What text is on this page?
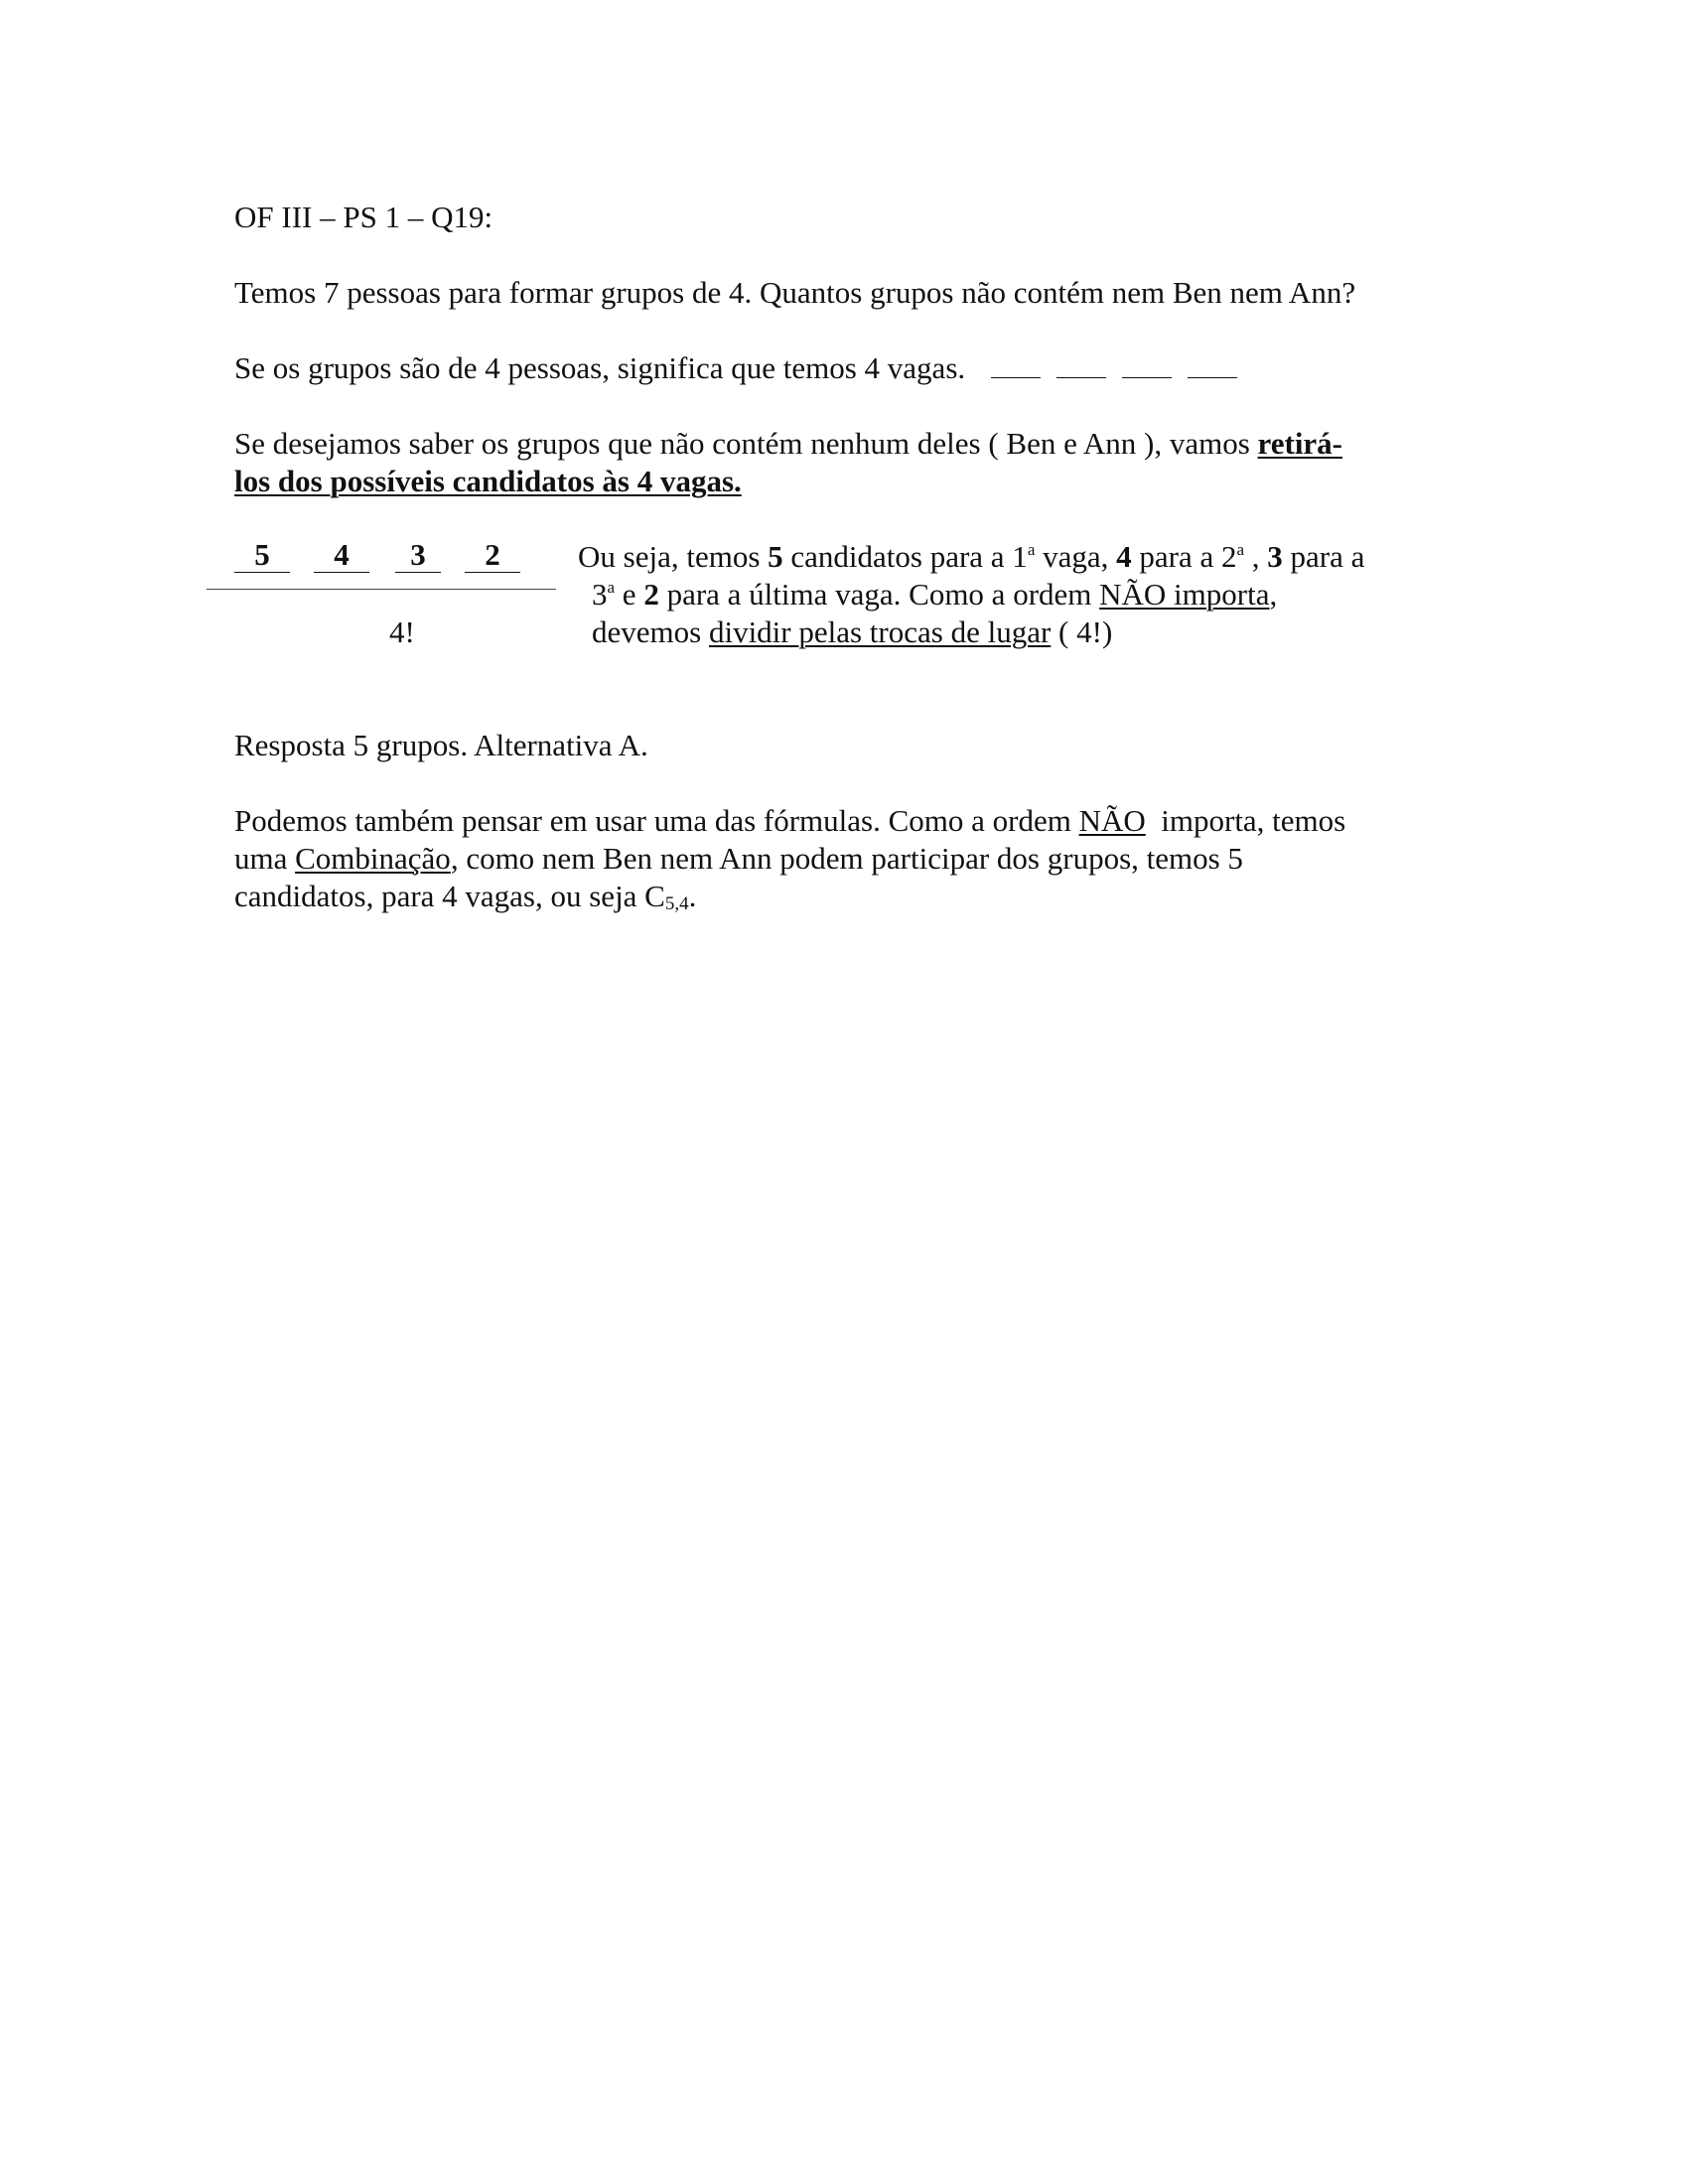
OF III – PS 1 – Q19:
Temos 7 pessoas para formar grupos de 4. Quantos grupos não contém nem Ben nem Ann?
Se os grupos são de 4 pessoas, significa que temos 4 vagas.
Se desejamos saber os grupos que não contém nenhum deles ( Ben e Ann ), vamos retirá-
los dos possíveis candidatos às 4 vagas.
5	4	3	2
4!
Ou seja, temos 5 candidatos para a 1$^a$ vaga, 4 para a 2$^a$ , 3 para a
3$^a$ e 2 para a última vaga. Como a ordem NÃO importa,
devemos dividir pelas trocas de lugar ( 4!)
Resposta 5 grupos. Alternativa A.
Podemos também pensar em usar uma das fórmulas. Como a ordem NÃO  importa, temos
uma Combinação, como nem Ben nem Ann podem participar dos grupos, temos 5
candidatos, para 4 vagas, ou seja $C_{5,4}$.
